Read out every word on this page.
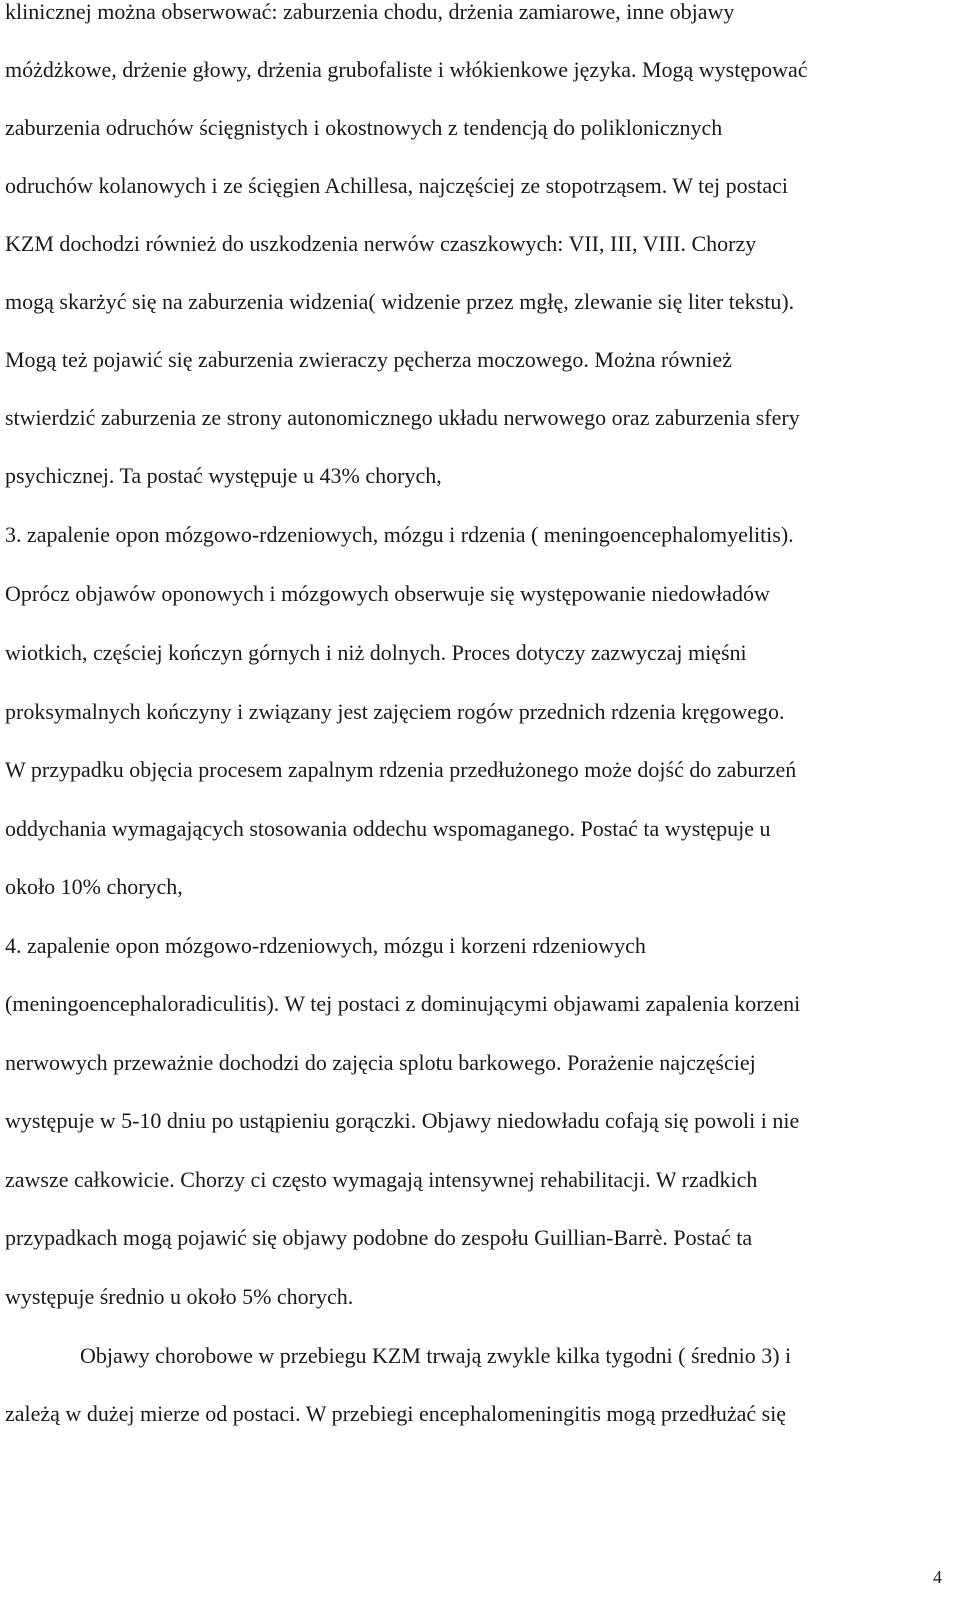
klinicznej można obserwować: zaburzenia chodu, drżenia zamiarowe, inne objawy
móżdżkowe, drżenie głowy, drżenia grubofaliste i włókienkowe języka. Mogą występować
zaburzenia odruchów ścięgnistych i okostnowych z tendencją do poliklonicznych
odruchów kolanowych i ze ścięgien Achillesa, najczęściej ze stopotrząsem. W tej postaci
KZM dochodzi również do uszkodzenia nerwów czaszkowych: VII, III, VIII. Chorzy
mogą skarżyć się na zaburzenia widzenia( widzenie przez mgłę, zlewanie się liter tekstu).
Mogą też pojawić się zaburzenia zwieraczy pęcherza moczowego. Można również
stwierdzić zaburzenia ze strony autonomicznego układu nerwowego oraz zaburzenia sfery
psychicznej. Ta postać występuje u 43% chorych,
3. zapalenie opon mózgowo-rdzeniowych, mózgu i rdzenia ( meningoencephalomyelitis).
Oprócz objawów oponowych i mózgowych obserwuje się występowanie niedowładów
wiotkich, częściej kończyn górnych i niż dolnych. Proces dotyczy zazwyczaj mięśni
proksymalnych kończyny i związany jest zajęciem rogów przednich rdzenia kręgowego.
W przypadku objęcia procesem zapalnym rdzenia przedłużonego może dojść do zaburzeń
oddychania wymagających stosowania oddechu wspomaganego. Postać ta występuje u
około 10% chorych,
4. zapalenie opon mózgowo-rdzeniowych, mózgu i korzeni rdzeniowych
(meningoencephaloradiculitis). W tej postaci z dominującymi objawami zapalenia korzeni
nerwowych przeważnie dochodzi do zajęcia splotu barkowego. Porażenie najczęściej
występuje w 5-10 dniu po ustąpieniu gorączki. Objawy niedowładu cofają się powoli i nie
zawsze całkowicie. Chorzy ci często wymagają intensywnej rehabilitacji. W rzadkich
przypadkach mogą pojawić się objawy podobne do zespołu Guillian-Barrè. Postać ta
występuje średnio u około 5% chorych.
Objawy chorobowe w przebiegu KZM trwają zwykle kilka tygodni ( średnio 3) i
zależą w dużej mierze od postaci. W przebiegi encephalomeningitis mogą przedłużać się
4
